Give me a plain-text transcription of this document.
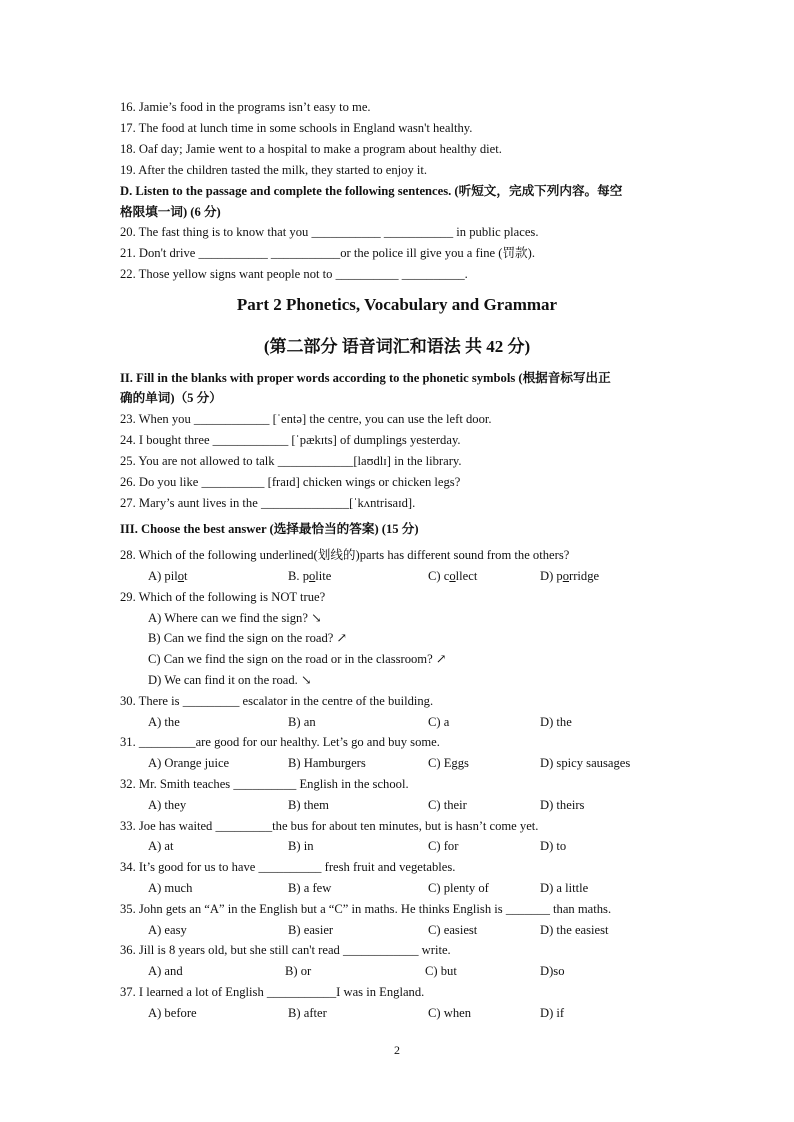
16. Jamie’s food in the programs isn’t easy to me.
17. The food at lunch time in some schools in England wasn't healthy.
18. Oaf day; Jamie went to a hospital to make a program about healthy diet.
19. After the children tasted the milk, they started to enjoy it.
D. Listen to the passage and complete the following sentences. (听短文，完成下列内容。每空
格限填一词) (6 分)
20. The fast thing is to know that you ___________ ___________ in public places.
21. Don't drive ___________ ___________or the police ill give you a fine (罚款).
22. Those yellow signs want people not to __________ __________.
Part 2 Phonetics, Vocabulary and Grammar
(第二部分 语音词汇和语法 共 42 分)
II. Fill in the blanks with proper words according to the phonetic symbols (根据音标写出正
确的单词)（5 分）
23. When you ____________ [ˈentə] the centre, you can use the left door.
24. I bought three ____________ [ˈpækɪts] of dumplings yesterday.
25. You are not allowed to talk ____________[laʊdlɪ] in the library.
26. Do you like __________ [fraɪd] chicken wings or chicken legs?
27. Mary’s aunt lives in the ______________[ˈkʌntrisaɪd].
III. Choose the best answer (选择最恰当的答案) (15 分)
28. Which of the following underlined(划线的)parts has different sound from the others?
A) pilot	B. polite	C) collect	D) porridge
29. Which of the following is NOT true?
A) Where can we find the sign? ↘
B) Can we find the sign on the road? ↗
C) Can we find the sign on the road or in the classroom? ↗
D) We can find it on the road. ↘
30. There is _________ escalator in the centre of the building.
A) the	B) an	C) a	D) the
31. _________are good for our healthy. Let’s go and buy some.
A) Orange juice	B) Hamburgers	C) Eggs	D) spicy sausages
32. Mr. Smith teaches __________ English in the school.
A) they	B) them	C) their	D) theirs
33. Joe has waited _________the bus for about ten minutes, but is hasn’t come yet.
A) at	B) in	C) for	D) to
34. It’s good for us to have __________ fresh fruit and vegetables.
A) much	B) a few	C) plenty of	D) a little
35. John gets an “A” in the English but a “C” in maths. He thinks English is _______ than maths.
A) easy	B) easier	C) easiest	D) the easiest
36. Jill is 8 years old, but she still can't read ____________ write.
A) and	B) or	C) but	D)so
37. I learned a lot of English ___________I was in England.
A) before	B) after	C) when	D) if
2
